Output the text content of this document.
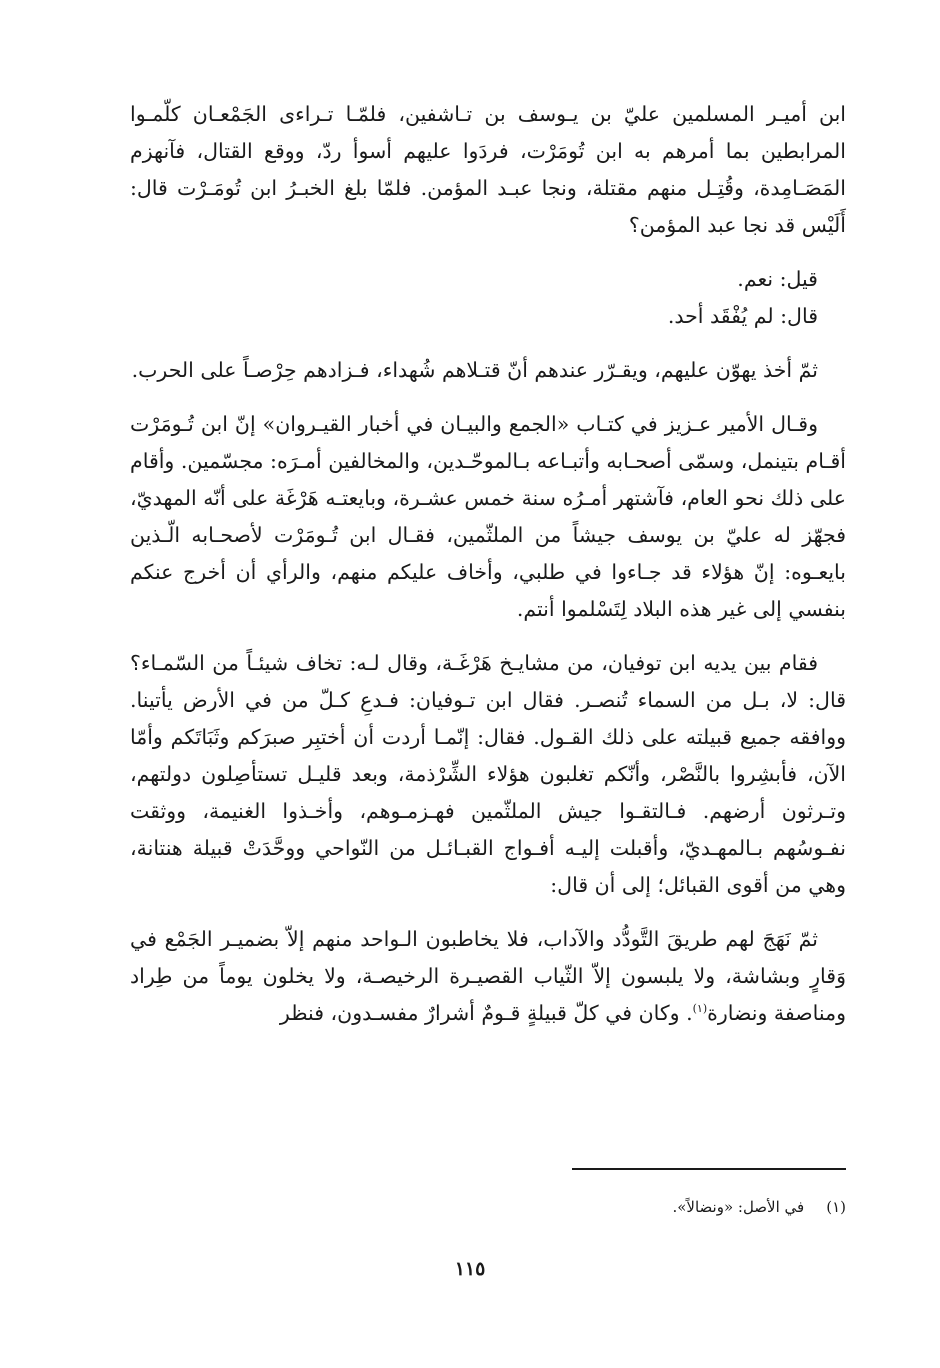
ابن أميـر المسلمين عليّ بن يـوسف بن تـاشفين، فلمّـا تـراءى الجَمْعـان كلّمـوا المرابطين بما أمرهم به ابن تُومَرْت، فردَوا عليهم أسوأ ردّ، ووقع القتال، فآنهزم المَصَـامِدة، وقُتِـل منهم مقتلة، ونجا عبـد المؤمن. فلمّا بلغ الخبـرُ ابن تُومَـرْت قال: أَلَيْس قد نجا عبد المؤمن؟

قيل: نعم.
قال: لم يُفْقَد أحد.

ثمّ أخذ يهوّن عليهم، ويقـرّر عندهم أنّ قتـلاهم شُهداء، فـزادهم حِرْصـاً على الحرب.

وقـال الأمير عـزيز في كتـاب «الجمع والبيـان في أخبار القيـروان» إنّ ابن تُـومَرْت أقـام بتينمل، وسمّى أصحـابه وأتبـاعه بـالموحّـدين، والمخالفين أمـرَه: مجسّمين. وأقام على ذلك نحو العام، فآشتهر أمـرُه سنة خمس عشـرة، وبايعتـه هَرْغَة على أنّه المهديّ، فجهّز له عليّ بن يوسف جيشاً من الملثّمين، فقـال ابن تُـومَرْت لأصحـابه الّـذين بايعـوه: إنّ هؤلاء قد جـاءوا في طلبي، وأخاف عليكم منهم، والرأي أن أخرج عنكم بنفسي إلى غير هذه البلاد لِتَسْلموا أنتم.

فقام بين يديه ابن توفيان، من مشايـخ هَرْغَـة، وقال لـه: تخاف شيئـاً من السّمـاء؟ قال: لا، بـل من السماء تُنصـر. فقال ابن تـوفيان: فـدعِ كـلّ من في الأرض يأتينا. ووافقه جميع قبيلته على ذلك القـول. فقال: إنّمـا أردت أن أختبِر صبرَكم وثَبَاتَكم وأمّا الآن، فأبشِروا بالنَّصْر، وأنّكم تغلبون هؤلاء الشِّرْذمة، وبعد قليـل تستأصِلون دولتهم، وتـرثون أرضهم. فـالتقـوا جيش الملثّمين فهـزمـوهم، وأخـذوا الغنيمة، ووثقت نفـوسُهم بـالمهـديّ، وأقبلت إليـه أفـواج القبـائـل من النّواحي ووحَّدَتْ قبيلة هنتانة، وهي من أقوى القبائل؛ إلى أن قال:

ثمّ نَهَجَ لهم طريقَ التَّودُّد والآداب، فلا يخاطبون الـواحد منهم إلاّ بضميـر الجَمْع في وَقارٍ وبشاشة، ولا يلبسون إلاّ الثّياب القصيـرة الرخيصـة، ولا يخلون يوماً من طِراد ومناصفة ونضارة$^{(١)}$. وكان في كلّ قبيلةٍ قـومٌ أشرارٌ مفسـدون، فنظر

(١)في الأصل: «ونضالاً».
١١٥
